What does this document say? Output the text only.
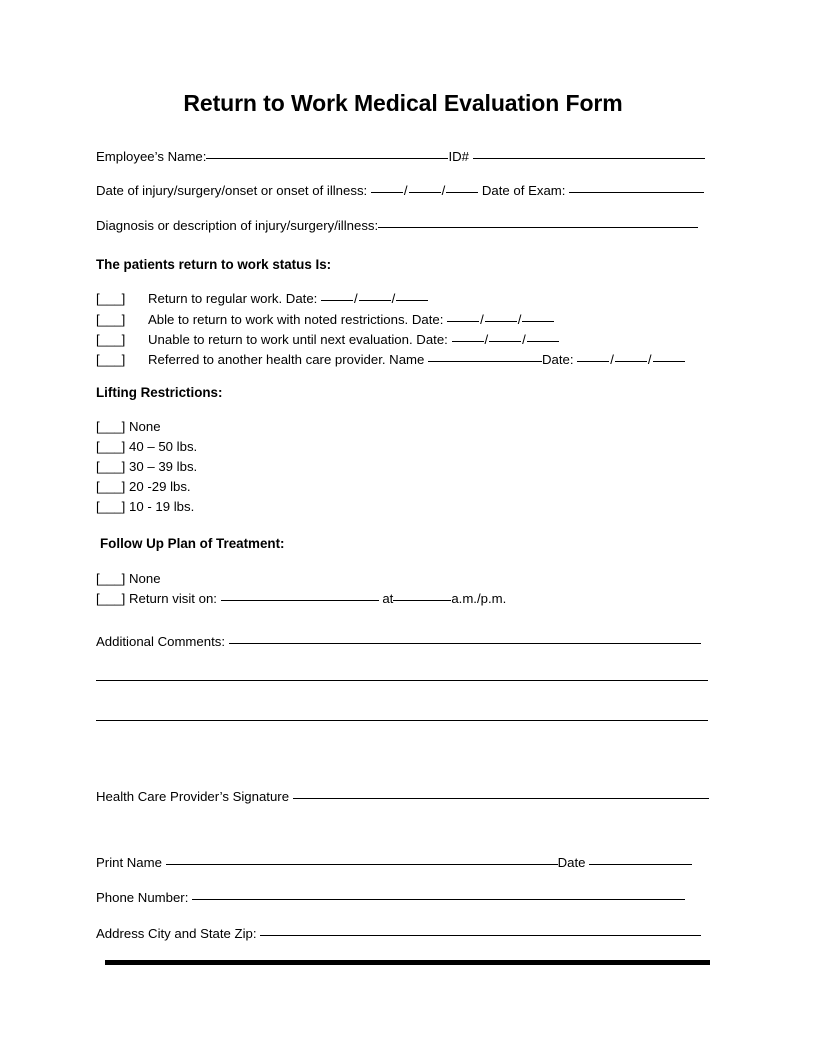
Return to Work Medical Evaluation Form
Employee’s Name:	ID#
Date of injury/surgery/onset or onset of illness:	/	/	Date of Exam:
Diagnosis or description of injury/surgery/illness:
The patients return to work status Is:
[___] Return to regular work. Date:	/	/
[___] Able to return to work with noted restrictions. Date:	/	/
[___] Unable to return to work until next evaluation. Date:	/	/
[___] Referred to another health care provider. Name	Date:	/	/
Lifting Restrictions:
[___] None
[___] 40 – 50 lbs.
[___] 30 – 39 lbs.
[___] 20 -29 lbs.
[___] 10 - 19 lbs.
Follow Up Plan of Treatment:
[___] None
[___] Return visit on:	at	a.m./p.m.
Additional Comments:
Health Care Provider’s Signature
Print Name	Date
Phone Number:
Address City and State Zip:
